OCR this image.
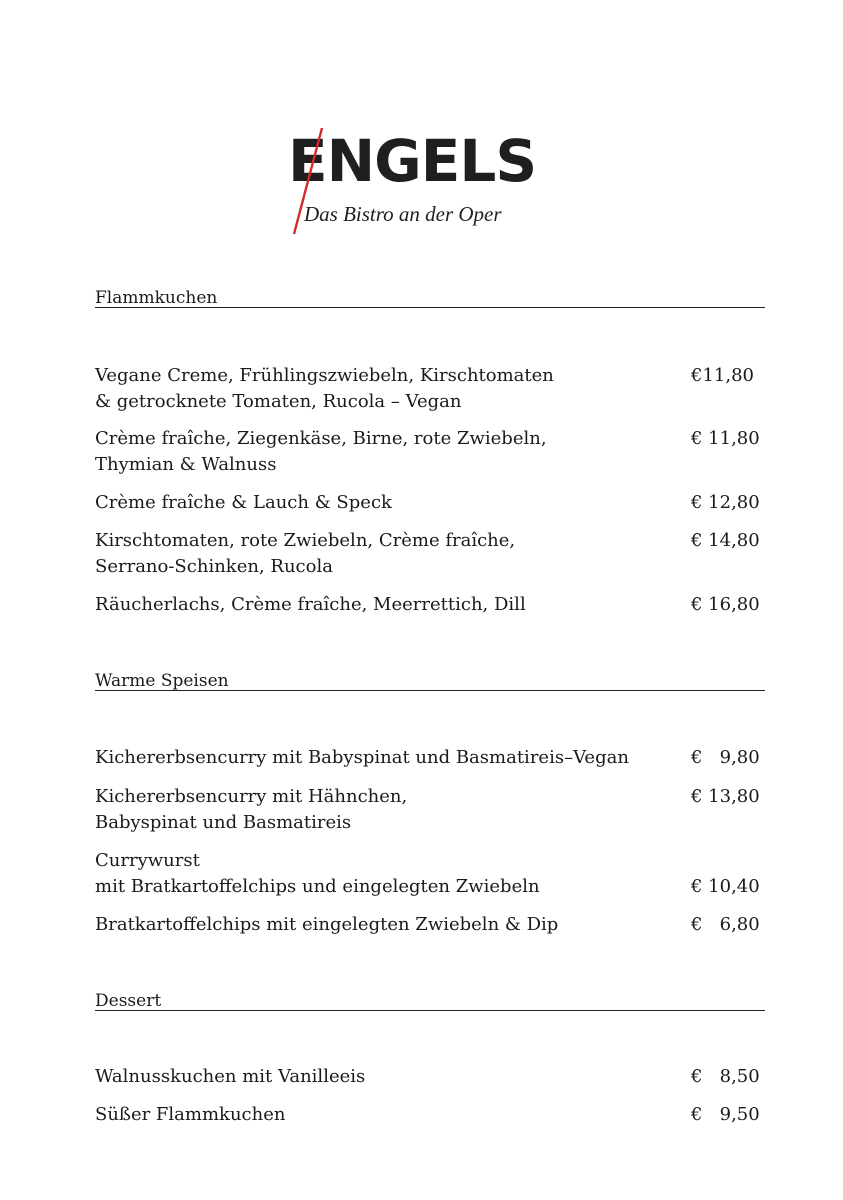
ENGELS
Das Bistro an der Oper
Flammkuchen
Vegane Creme, Frühlingszwiebeln, Kirschtomaten
& getrocknete Tomaten, Rucola – Vegan
€11,80
Crème fraîche, Ziegenkäse, Birne, rote Zwiebeln,
Thymian & Walnuss
€ 11,80
Crème fraîche & Lauch & Speck	€ 12,80
Kirschtomaten, rote Zwiebeln, Crème fraîche,
Serrano-Schinken, Rucola
€ 14,80
Räucherlachs, Crème fraîche, Meerrettich, Dill	€ 16,80
Warme Speisen
Kichererbsencurry mit Babyspinat und Basmatireis–Vegan	€   9,80
Kichererbsencurry mit Hähnchen,
Babyspinat und Basmatireis
€ 13,80
Currywurst
mit Bratkartoffelchips und eingelegten Zwiebeln	€ 10,40
Bratkartoffelchips mit eingelegten Zwiebeln & Dip	€   6,80
Dessert
Walnusskuchen mit Vanilleeis	€   8,50
Süßer Flammkuchen	€   9,50
